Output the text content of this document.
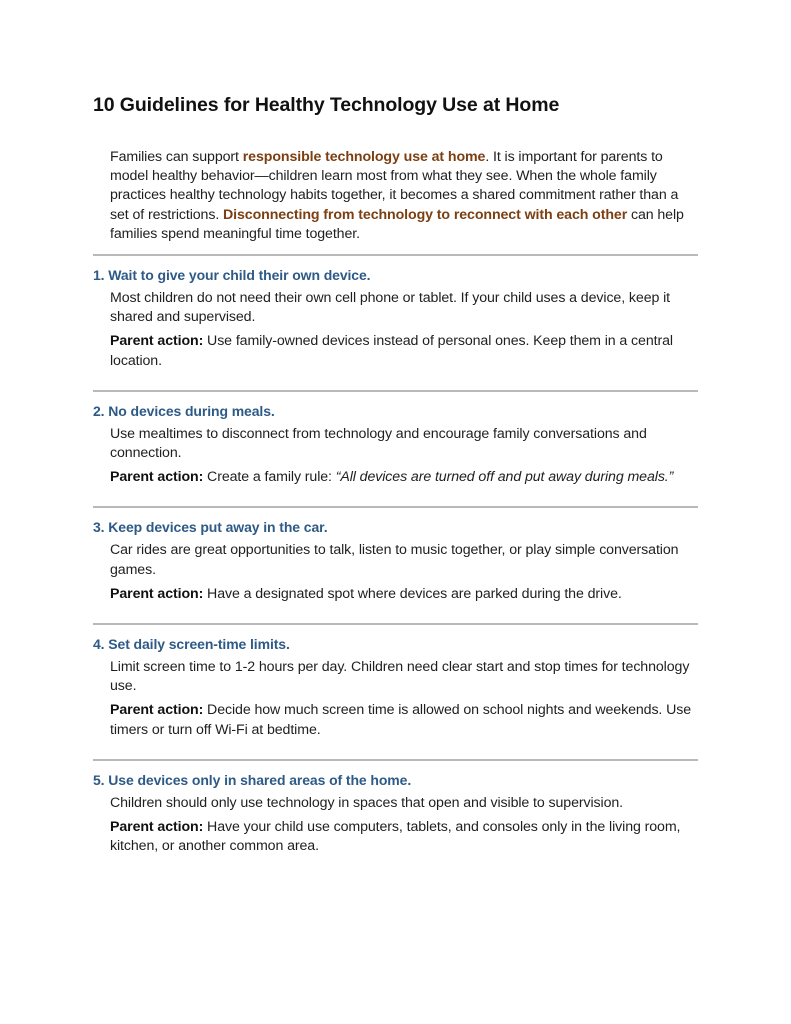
10 Guidelines for Healthy Technology Use at Home

Families can support responsible technology use at home. It is important for parents to model healthy behavior—children learn most from what they see. When the whole family practices healthy technology habits together, it becomes a shared commitment rather than a set of restrictions. Disconnecting from technology to reconnect with each other can help families spend meaningful time together.

1. Wait to give your child their own device.

Most children do not need their own cell phone or tablet. If your child uses a device, keep it shared and supervised.

Parent action: Use family-owned devices instead of personal ones. Keep them in a central location.

2. No devices during meals.

Use mealtimes to disconnect from technology and encourage family conversations and connection.

Parent action: Create a family rule: “All devices are turned off and put away during meals.”

3. Keep devices put away in the car.

Car rides are great opportunities to talk, listen to music together, or play simple conversation games.

Parent action: Have a designated spot where devices are parked during the drive.

4. Set daily screen-time limits.

Limit screen time to 1-2 hours per day. Children need clear start and stop times for technology use.

Parent action: Decide how much screen time is allowed on school nights and weekends. Use timers or turn off Wi-Fi at bedtime.

5. Use devices only in shared areas of the home.

Children should only use technology in spaces that open and visible to supervision.

Parent action: Have your child use computers, tablets, and consoles only in the living room, kitchen, or another common area.
